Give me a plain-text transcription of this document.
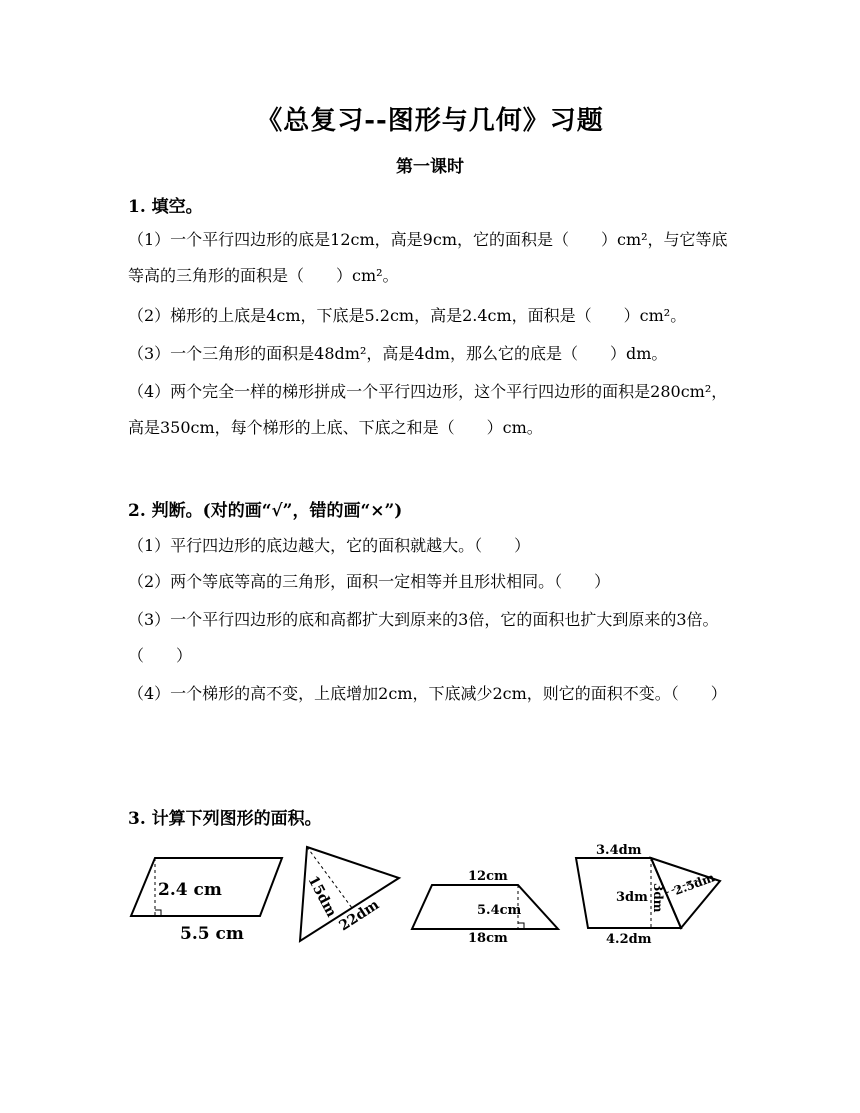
《总复习--图形与几何》习题
第一课时
1. 填空。
（1）一个平行四边形的底是12cm，高是9cm，它的面积是（　　）cm²，与它等底等高的三角形的面积是（　　）cm²。
（2）梯形的上底是4cm，下底是5.2cm，高是2.4cm，面积是（　　）cm²。
（3）一个三角形的面积是48dm²，高是4dm，那么它的底是（　　）dm。
（4）两个完全一样的梯形拼成一个平行四边形，这个平行四边形的面积是280cm²，高是350cm，每个梯形的上底、下底之和是（　　）cm。
2. 判断。(对的画“√”，错的画“×”)
（1）平行四边形的底边越大，它的面积就越大。（　　）
（2）两个等底等高的三角形，面积一定相等并且形状相同。（　　）
（3）一个平行四边形的底和高都扩大到原来的3倍，它的面积也扩大到原来的3倍。（　　）
（4）一个梯形的高不变，上底增加2cm，下底减少2cm，则它的面积不变。（　　）
3. 计算下列图形的面积。
2.4 cm
5.5 cm
15dm
22dm
12cm
5.4cm
18cm
3.4dm
3dm 3dm 2.5dm
4.2dm
